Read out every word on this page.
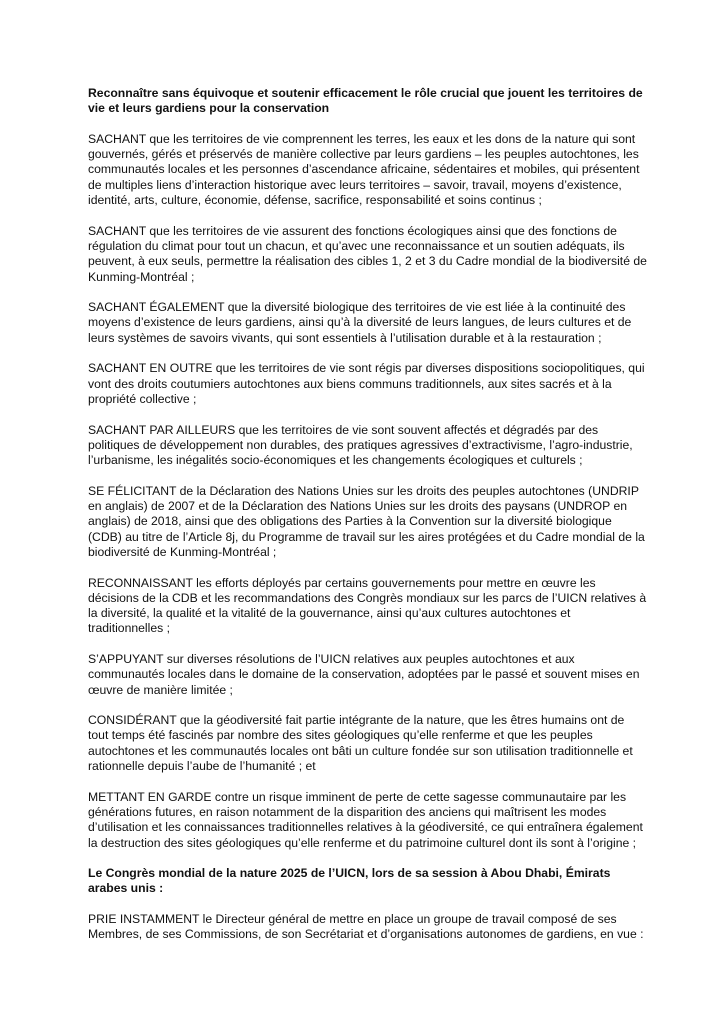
Reconnaître sans équivoque et soutenir efficacement le rôle crucial que jouent les territoires de vie et leurs gardiens pour la conservation

SACHANT que les territoires de vie comprennent les terres, les eaux et les dons de la nature qui sont gouvernés, gérés et préservés de manière collective par leurs gardiens – les peuples autochtones, les communautés locales et les personnes d’ascendance africaine, sédentaires et mobiles, qui présentent de multiples liens d’interaction historique avec leurs territoires – savoir, travail, moyens d’existence, identité, arts, culture, économie, défense, sacrifice, responsabilité et soins continus ;

SACHANT que les territoires de vie assurent des fonctions écologiques ainsi que des fonctions de régulation du climat pour tout un chacun, et qu’avec une reconnaissance et un soutien adéquats, ils peuvent, à eux seuls, permettre la réalisation des cibles 1, 2 et 3 du Cadre mondial de la biodiversité de Kunming-Montréal ;

SACHANT ÉGALEMENT que la diversité biologique des territoires de vie est liée à la continuité des moyens d’existence de leurs gardiens, ainsi qu’à la diversité de leurs langues, de leurs cultures et de leurs systèmes de savoirs vivants, qui sont essentiels à l’utilisation durable et à la restauration ;

SACHANT EN OUTRE que les territoires de vie sont régis par diverses dispositions sociopolitiques, qui vont des droits coutumiers autochtones aux biens communs traditionnels, aux sites sacrés et à la propriété collective ;

SACHANT PAR AILLEURS que les territoires de vie sont souvent affectés et dégradés par des politiques de développement non durables, des pratiques agressives d’extractivisme, l’agro-industrie, l’urbanisme, les inégalités socio-économiques et les changements écologiques et culturels ;

SE FÉLICITANT de la Déclaration des Nations Unies sur les droits des peuples autochtones (UNDRIP en anglais) de 2007 et de la Déclaration des Nations Unies sur les droits des paysans (UNDROP en anglais) de 2018, ainsi que des obligations des Parties à la Convention sur la diversité biologique (CDB) au titre de l’Article 8j, du Programme de travail sur les aires protégées et du Cadre mondial de la biodiversité de Kunming-Montréal ;

RECONNAISSANT les efforts déployés par certains gouvernements pour mettre en œuvre les décisions de la CDB et les recommandations des Congrès mondiaux sur les parcs de l’UICN relatives à la diversité, la qualité et la vitalité de la gouvernance, ainsi qu’aux cultures autochtones et traditionnelles ;

S’APPUYANT sur diverses résolutions de l’UICN relatives aux peuples autochtones et aux communautés locales dans le domaine de la conservation, adoptées par le passé et souvent mises en œuvre de manière limitée ;

CONSIDÉRANT que la géodiversité fait partie intégrante de la nature, que les êtres humains ont de tout temps été fascinés par nombre des sites géologiques qu’elle renferme et que les peuples autochtones et les communautés locales ont bâti un culture fondée sur son utilisation traditionnelle et rationnelle depuis l’aube de l’humanité ; et

METTANT EN GARDE contre un risque imminent de perte de cette sagesse communautaire par les générations futures, en raison notamment de la disparition des anciens qui maîtrisent les modes d’utilisation et les connaissances traditionnelles relatives à la géodiversité, ce qui entraînera également la destruction des sites géologiques qu’elle renferme et du patrimoine culturel dont ils sont à l’origine ;

Le Congrès mondial de la nature 2025 de l’UICN, lors de sa session à Abou Dhabi, Émirats arabes unis :

PRIE INSTAMMENT le Directeur général de mettre en place un groupe de travail composé de ses Membres, de ses Commissions, de son Secrétariat et d’organisations autonomes de gardiens, en vue :
